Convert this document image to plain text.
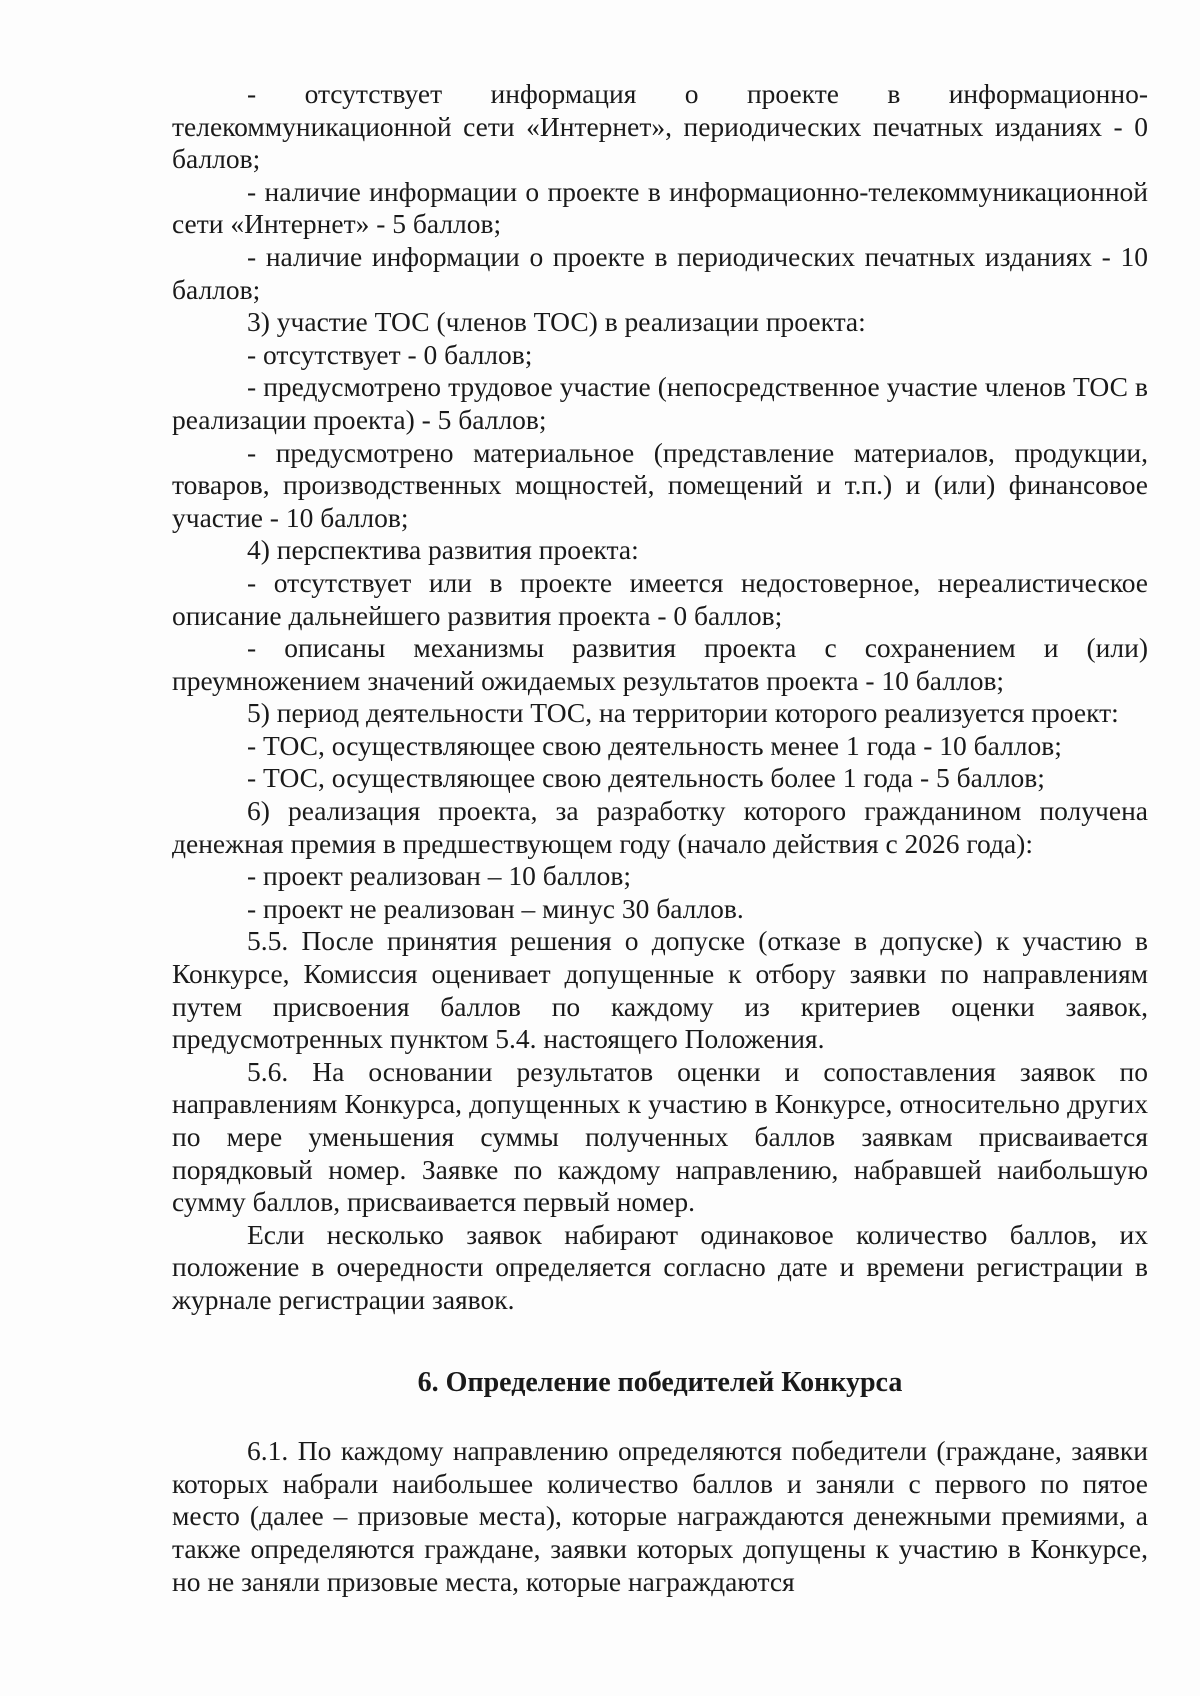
- отсутствует информация о проекте в информационно-телекоммуникационной сети «Интернет», периодических печатных изданиях - 0 баллов;

- наличие информации о проекте в информационно-телекоммуникационной сети «Интернет» - 5 баллов;

- наличие информации о проекте в периодических печатных изданиях - 10 баллов;

3) участие ТОС (членов ТОС) в реализации проекта:

- отсутствует - 0 баллов;

- предусмотрено трудовое участие (непосредственное участие членов ТОС в реализации проекта) - 5 баллов;

- предусмотрено материальное (представление материалов, продукции, товаров, производственных мощностей, помещений и т.п.) и (или) финансовое участие - 10 баллов;

4) перспектива развития проекта:

- отсутствует или в проекте имеется недостоверное, нереалистическое описание дальнейшего развития проекта - 0 баллов;

- описаны механизмы развития проекта с сохранением и (или) преумножением значений ожидаемых результатов проекта - 10 баллов;

5) период деятельности ТОС, на территории которого реализуется проект:

- ТОС, осуществляющее свою деятельность менее 1 года - 10 баллов;

- ТОС, осуществляющее свою деятельность более 1 года - 5 баллов;

6) реализация проекта, за разработку которого гражданином получена денежная премия в предшествующем году (начало действия с 2026 года):

- проект реализован – 10 баллов;

- проект не реализован – минус 30 баллов.

5.5. После принятия решения о допуске (отказе в допуске) к участию в Конкурсе, Комиссия оценивает допущенные к отбору заявки по направлениям путем присвоения баллов по каждому из критериев оценки заявок, предусмотренных пунктом 5.4. настоящего Положения.

5.6. На основании результатов оценки и сопоставления заявок по направлениям Конкурса, допущенных к участию в Конкурсе, относительно других по мере уменьшения суммы полученных баллов заявкам присваивается порядковый номер. Заявке по каждому направлению, набравшей наибольшую сумму баллов, присваивается первый номер.

Если несколько заявок набирают одинаковое количество баллов, их положение в очередности определяется согласно дате и времени регистрации в журнале регистрации заявок.

6. Определение победителей Конкурса

6.1. По каждому направлению определяются победители (граждане, заявки которых набрали наибольшее количество баллов и заняли с первого по пятое место (далее – призовые места), которые награждаются денежными премиями, а также определяются граждане, заявки которых допущены к участию в Конкурсе, но не заняли призовые места, которые награждаются
